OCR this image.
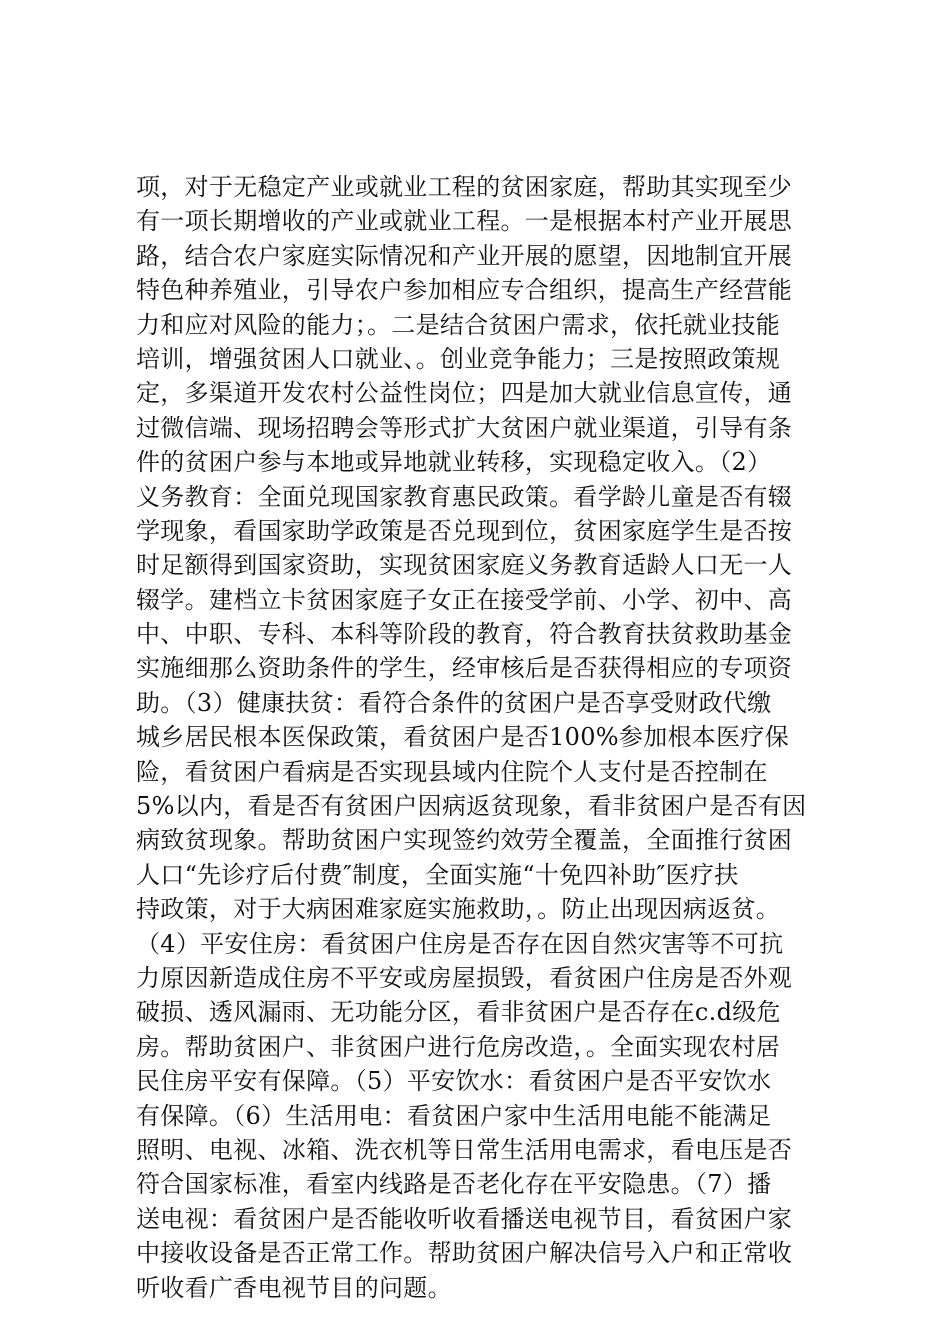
项，对于无稳定产业或就业工程的贫困家庭，帮助其实现至少
有一项长期增收的产业或就业工程。一是根据本村产业开展思
路，结合农户家庭实际情况和产业开展的愿望，因地制宜开展
特色种养殖业，引导农户参加相应专合组织，提高生产经营能
力和应对风险的能力；。二是结合贫困户需求，依托就业技能
培训，增强贫困人口就业、。创业竞争能力；三是按照政策规
定，多渠道开发农村公益性岗位；四是加大就业信息宣传，通
过微信端、现场招聘会等形式扩大贫困户就业渠道，引导有条
件的贫困户参与本地或异地就业转移，实现稳定收入。（2）
义务教育：全面兑现国家教育惠民政策。看学龄儿童是否有辍
学现象，看国家助学政策是否兑现到位，贫困家庭学生是否按
时足额得到国家资助，实现贫困家庭义务教育适龄人口无一人
辍学。建档立卡贫困家庭子女正在接受学前、小学、初中、高
中、中职、专科、本科等阶段的教育，符合教育扶贫救助基金
实施细那么资助条件的学生，经审核后是否获得相应的专项资
助。（3）健康扶贫：看符合条件的贫困户是否享受财政代缴
城乡居民根本医保政策，看贫困户是否100%参加根本医疗保
险，看贫困户看病是否实现县域内住院个人支付是否控制在
5%以内，看是否有贫困户因病返贫现象，看非贫困户是否有因
病致贫现象。帮助贫困户实现签约效劳全覆盖，全面推行贫困
人口“先诊疗后付费″制度，全面实施“十免四补助″医疗扶
持政策，对于大病困难家庭实施救助，。防止出现因病返贫。
（4）平安住房：看贫困户住房是否存在因自然灾害等不可抗
力原因新造成住房不平安或房屋损毁，看贫困户住房是否外观
破损、透风漏雨、无功能分区，看非贫困户是否存在c.d级危
房。帮助贫困户、非贫困户进行危房改造，。全面实现农村居
民住房平安有保障。（5）平安饮水：看贫困户是否平安饮水
有保障。（6）生活用电：看贫困户家中生活用电能不能满足
照明、电视、冰箱、洗衣机等日常生活用电需求，看电压是否
符合国家标准，看室内线路是否老化存在平安隐患。（7）播
送电视：看贫困户是否能收听收看播送电视节目，看贫困户家
中接收设备是否正常工作。帮助贫困户解决信号入户和正常收
听收看广香电视节目的问题。
